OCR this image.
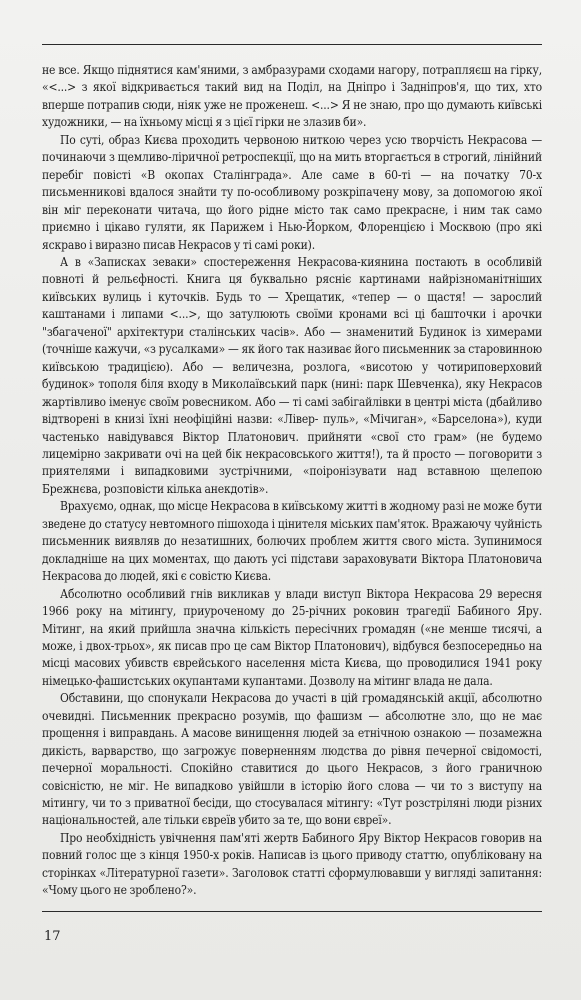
не все. Якщо піднятися кам'яними, з амбразурами сходами нагору, потрапляєш на гірку, «<...> з якої відкривається такий вид на Поділ, на Дніпро і Задніпров'я, що тих, хто вперше потрапив сюди, ніяк уже не проженеш. <...> Я не знаю, про що думають київські художники, — на їхньому місці я з цієї гірки не злазив би».

По суті, образ Києва проходить червоною ниткою через усю творчість Некрасова — починаючи з щемливо-ліричної ретроспекції, що на мить вторгається в строгий, лінійний перебіг повісті «В окопах Сталінграда». Але саме в 60-ті — на початку 70-х письменникові вдалося знайти ту по-особливому розкріпачену мову, за допомогою якої він міг переконати читача, що його рідне місто так само прекрасне, і ним так само приємно і цікаво гуляти, як Парижем і Нью-Йорком, Флоренцією і Москвою (про які яскраво і виразно писав Некрасов у ті самі роки).

А в «Записках зеваки» спостереження Некрасова-киянина постають в особливій повноті й рельєфності. Книга ця буквально рясніє картинами найрізноманітніших київських вулиць і куточків. Будь то — Хрещатик, «тепер — о щастя! — зарослий каштанами і липами <...>, що затулюють своїми кронами всі ці башточки і арочки "збагаченої" архітектури сталінських часів». Або — знаменитий Будинок із химерами (точніше кажучи, «з русалками» — як його так називає його письменник за старовинною київською традицією). Або — величезна, розлога, «висотою у чотириповерховий будинок» тополя біля входу в Миколаївський парк (нині: парк Шевченка), яку Некрасов жартівливо іменує своїм ровесником. Або — ті самі забігайлівки в центрі міста (дбайливо відтворені в книзі їхні неофіційні назви: «Лівер- пуль», «Мічиган», «Барселона»), куди частенько навідувався Віктор Платонович. прийняти «свої сто грам» (не будемо лицемірно закривати очі на цей бік некрасовського життя!), та й просто — поговорити з приятелями і випадковими зустрічними, «поіронізувати над вставною щелепою Брежнєва, розповісти кілька анекдотів».

Врахуємо, однак, що місце Некрасова в київському житті в жодному разі не може бути зведене до статусу невтомного пішохода і цінителя міських пам'яток. Вражаючу чуйність письменник виявляв до незатишних, болючих проблем життя свого міста. Зупинимося докладніше на цих моментах, що дають усі підстави зараховувати Віктора Платоновича Некрасова до людей, які є совістю Києва.

Абсолютно особливий гнів викликав у влади виступ Віктора Некрасова 29 вересня 1966 року на мітингу, приуроченому до 25-річних роковин трагедії Бабиного Яру. Мітинг, на який прийшла значна кількість пересічних громадян («не менше тисячі, а може, і двох-трьох», як писав про це сам Віктор Платонович), відбувся безпосередньо на місці масових убивств єврейського населення міста Києва, що проводилися 1941 року німецько-фашистських окупантами купантами. Дозволу на мітинг влада не дала.

Обставини, що спонукали Некрасова до участі в цій громадянській акції, абсолютно очевидні. Письменник прекрасно розумів, що фашизм — абсолютне зло, що не має прощення і виправдань. А масове винищення людей за етнічною ознакою — позамежна дикість, варварство, що загрожує поверненням людства до рівня печерної свідомості, печерної моральності. Спокійно ставитися до цього Некрасов, з його граничною совісністю, не міг. Не випадково увійшли в історію його слова — чи то з виступу на мітингу, чи то з приватної бесіди, що стосувалася мітингу: «Тут розстріляні люди різних національностей, але тільки євреїв убито за те, що вони євреї».

Про необхідність увічнення пам'яті жертв Бабиного Яру Віктор Некрасов говорив на повний голос ще з кінця 1950-х років. Написав із цього приводу статтю, опубліковану на сторінках «Літературної газети». Заголовок статті сформулювавши у вигляді запитання: «Чому цього не зроблено?».

17
